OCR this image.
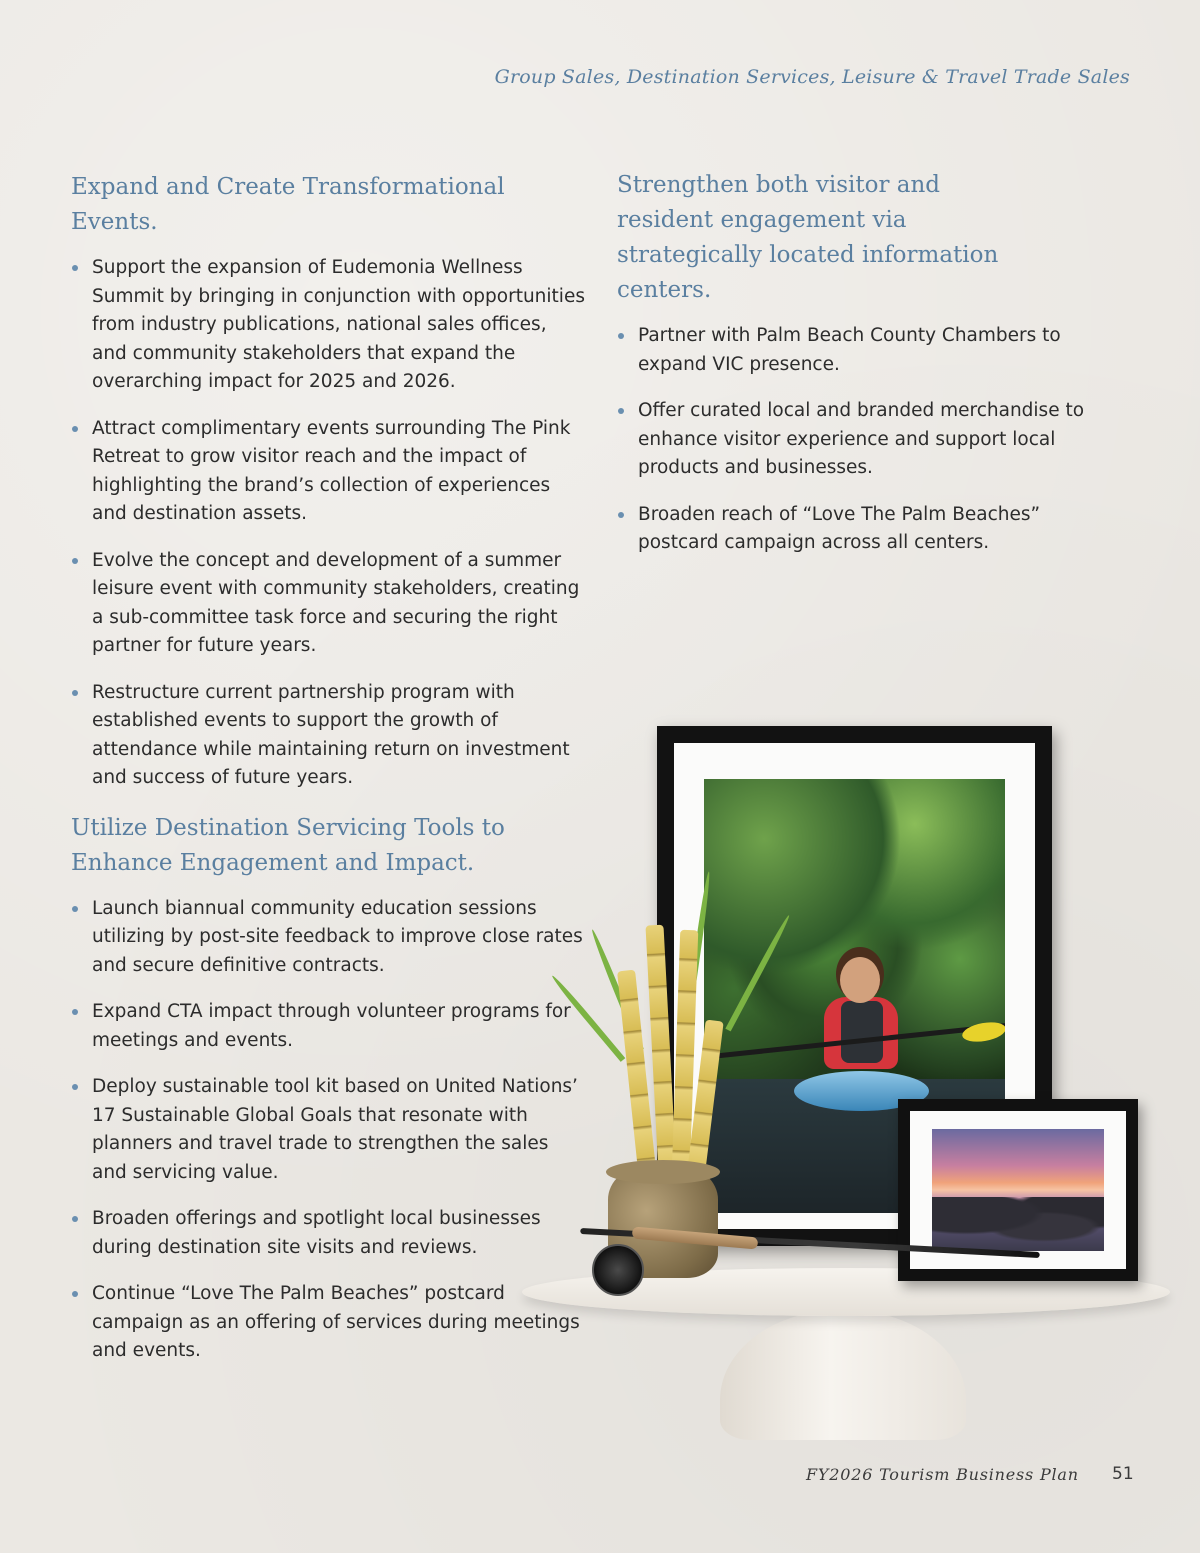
Group Sales, Destination Services, Leisure & Travel Trade Sales
Expand and Create Transformational Events.
Support the expansion of Eudemonia Wellness Summit by bringing in conjunction with opportunities from industry publications, national sales offices, and community stakeholders that expand the overarching impact for 2025 and 2026.
Attract complimentary events surrounding The Pink Retreat to grow visitor reach and the impact of highlighting the brand’s collection of experiences and destination assets.
Evolve the concept and development of a summer leisure event with community stakeholders, creating a sub-committee task force and securing the right partner for future years.
Restructure current partnership program with established events to support the growth of attendance while maintaining return on investment and success of future years.
Utilize Destination Servicing Tools to Enhance Engagement and Impact.
Launch biannual community education sessions utilizing by post-site feedback to improve close rates and secure definitive contracts.
Expand CTA impact through volunteer programs for meetings and events.
Deploy sustainable tool kit based on United Nations’ 17 Sustainable Global Goals that resonate with planners and travel trade to strengthen the sales and servicing value.
Broaden offerings and spotlight local businesses during destination site visits and reviews.
Continue “Love The Palm Beaches” postcard campaign as an offering of services during meetings and events.
Strengthen both visitor and resident engagement via strategically located information centers.
Partner with Palm Beach County Chambers to expand VIC presence.
Offer curated local and branded merchandise to enhance visitor experience and support local products and businesses.
Broaden reach of “Love The Palm Beaches” postcard campaign across all centers.
FY2026 Tourism Business Plan 51
